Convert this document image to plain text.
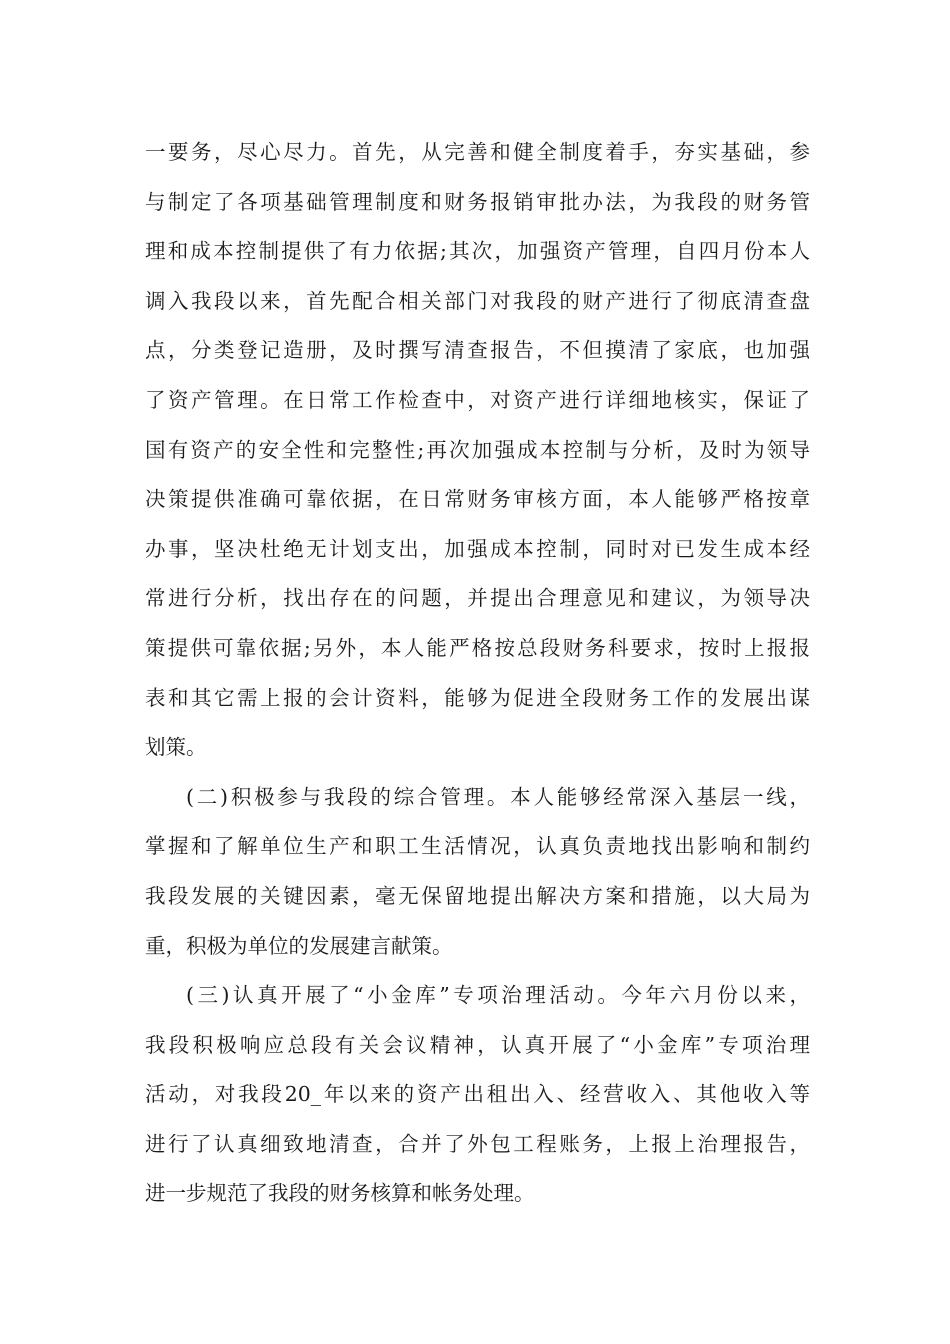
一要务，尽心尽力。首先，从完善和健全制度着手，夯实基础，参
与制定了各项基础管理制度和财务报销审批办法，为我段的财务管
理和成本控制提供了有力依据;其次，加强资产管理，自四月份本人
调入我段以来，首先配合相关部门对我段的财产进行了彻底清查盘
点，分类登记造册，及时撰写清查报告，不但摸清了家底，也加强
了资产管理。在日常工作检查中，对资产进行详细地核实，保证了
国有资产的安全性和完整性;再次加强成本控制与分析，及时为领导
决策提供准确可靠依据，在日常财务审核方面，本人能够严格按章
办事，坚决杜绝无计划支出，加强成本控制，同时对已发生成本经
常进行分析，找出存在的问题，并提出合理意见和建议，为领导决
策提供可靠依据;另外，本人能严格按总段财务科要求，按时上报报
表和其它需上报的会计资料，能够为促进全段财务工作的发展出谋
划策。
(二)积极参与我段的综合管理。本人能够经常深入基层一线，
掌握和了解单位生产和职工生活情况，认真负责地找出影响和制约
我段发展的关键因素，毫无保留地提出解决方案和措施，以大局为
重，积极为单位的发展建言献策。
(三)认真开展了“小金库”专项治理活动。今年六月份以来，
我段积极响应总段有关会议精神，认真开展了“小金库”专项治理
活动，对我段20_年以来的资产出租出入、经营收入、其他收入等
进行了认真细致地清查，合并了外包工程账务，上报上治理报告，
进一步规范了我段的财务核算和帐务处理。
